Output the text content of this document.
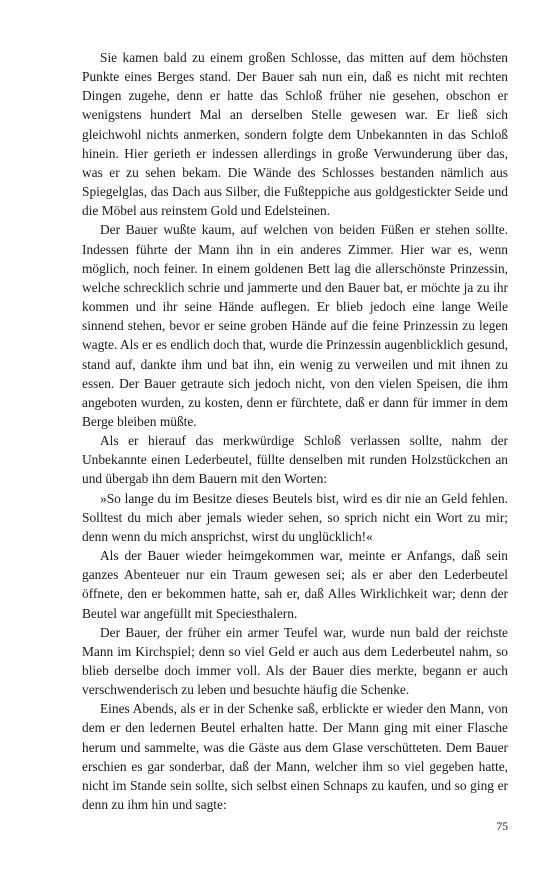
Sie kamen bald zu einem großen Schlosse, das mitten auf dem höchsten Punkte eines Berges stand. Der Bauer sah nun ein, daß es nicht mit rechten Dingen zugehe, denn er hatte das Schloß früher nie gesehen, obschon er wenigstens hundert Mal an derselben Stelle gewesen war. Er ließ sich gleichwohl nichts anmerken, sondern folgte dem Unbekannten in das Schloß hinein. Hier gerieth er indessen allerdings in große Verwunderung über das, was er zu sehen bekam. Die Wände des Schlosses bestanden nämlich aus Spiegelglas, das Dach aus Silber, die Fußteppiche aus goldgestickter Seide und die Möbel aus reinstem Gold und Edelsteinen.

Der Bauer wußte kaum, auf welchen von beiden Füßen er stehen sollte. Indessen führte der Mann ihn in ein anderes Zimmer. Hier war es, wenn möglich, noch feiner. In einem goldenen Bett lag die allerschönste Prinzessin, welche schrecklich schrie und jammerte und den Bauer bat, er möchte ja zu ihr kommen und ihr seine Hände auflegen. Er blieb jedoch eine lange Weile sinnend stehen, bevor er seine groben Hände auf die feine Prinzessin zu legen wagte. Als er es endlich doch that, wurde die Prinzessin augenblicklich gesund, stand auf, dankte ihm und bat ihn, ein wenig zu verweilen und mit ihnen zu essen. Der Bauer getraute sich jedoch nicht, von den vielen Speisen, die ihm angeboten wurden, zu kosten, denn er fürchtete, daß er dann für immer in dem Berge bleiben müßte.

Als er hierauf das merkwürdige Schloß verlassen sollte, nahm der Unbekannte einen Lederbeutel, füllte denselben mit runden Holzstückchen an und übergab ihn dem Bauern mit den Worten:

»So lange du im Besitze dieses Beutels bist, wird es dir nie an Geld fehlen. Solltest du mich aber jemals wieder sehen, so sprich nicht ein Wort zu mir; denn wenn du mich ansprichst, wirst du unglücklich!«

Als der Bauer wieder heimgekommen war, meinte er Anfangs, daß sein ganzes Abenteuer nur ein Traum gewesen sei; als er aber den Lederbeutel öffnete, den er bekommen hatte, sah er, daß Alles Wirklichkeit war; denn der Beutel war angefüllt mit Speciesthalern.

Der Bauer, der früher ein armer Teufel war, wurde nun bald der reichste Mann im Kirchspiel; denn so viel Geld er auch aus dem Lederbeutel nahm, so blieb derselbe doch immer voll. Als der Bauer dies merkte, begann er auch verschwenderisch zu leben und besuchte häufig die Schenke.

Eines Abends, als er in der Schenke saß, erblickte er wieder den Mann, von dem er den ledernen Beutel erhalten hatte. Der Mann ging mit einer Flasche herum und sammelte, was die Gäste aus dem Glase verschütteten. Dem Bauer erschien es gar sonderbar, daß der Mann, welcher ihm so viel gegeben hatte, nicht im Stande sein sollte, sich selbst einen Schnaps zu kaufen, und so ging er denn zu ihm hin und sagte:

75
